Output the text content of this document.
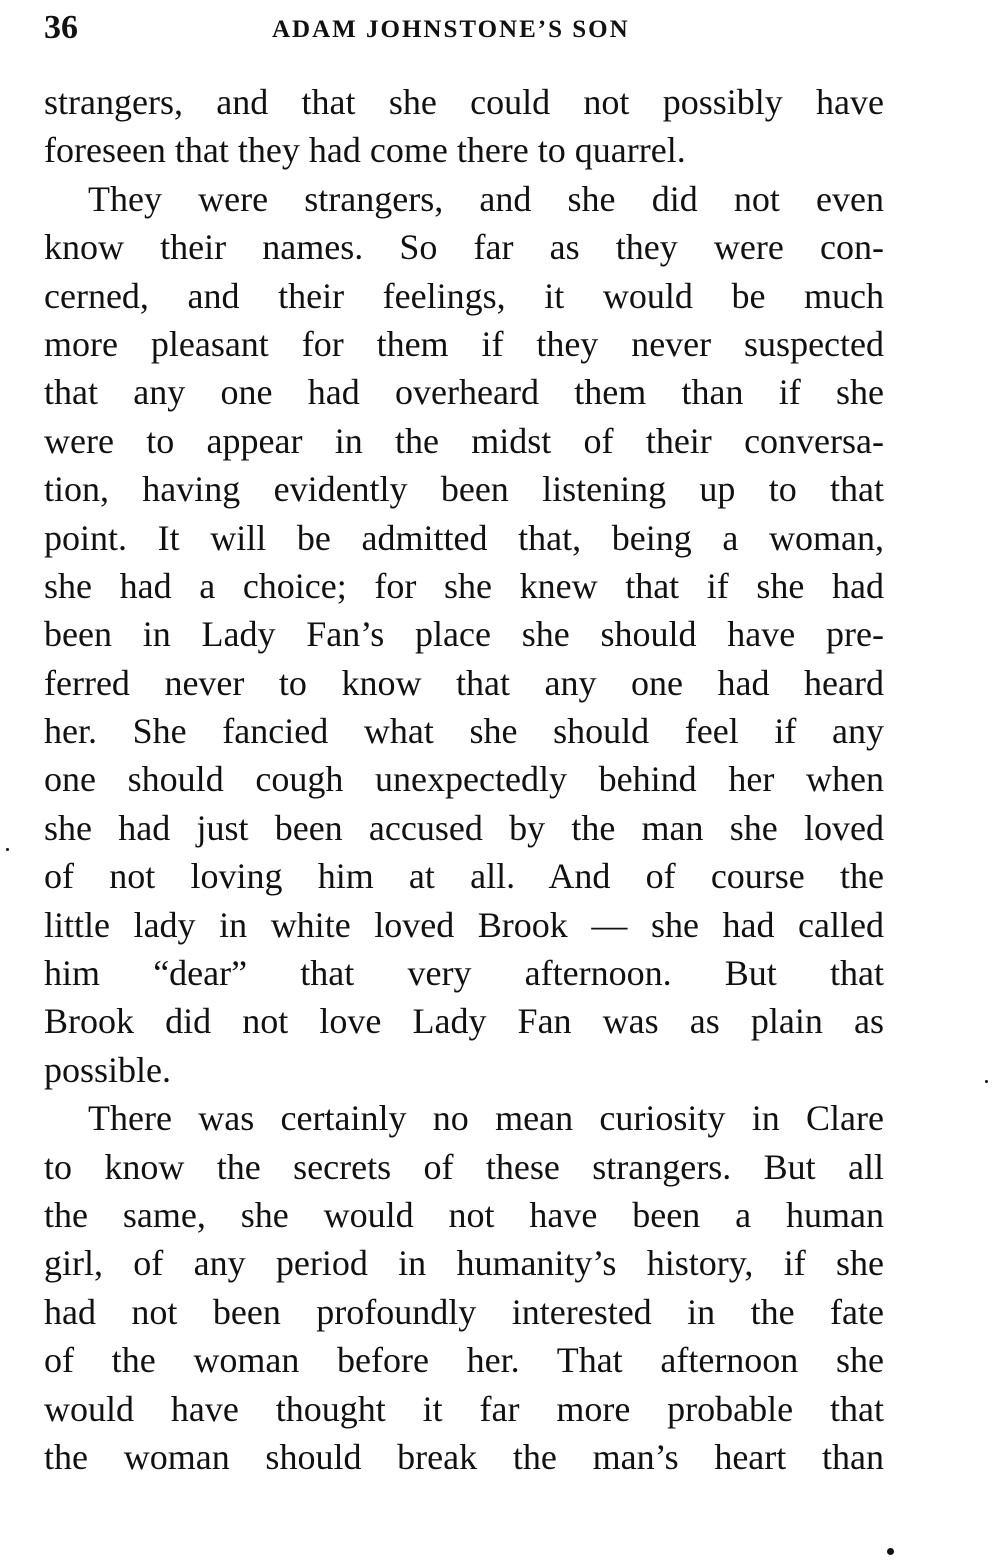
36	ADAM JOHNSTONE’S SON
strangers, and that she could not possibly have
foreseen that they had come there to quarrel.
They were strangers, and she did not even
know their names. So far as they were con-
cerned, and their feelings, it would be much
more pleasant for them if they never suspected
that any one had overheard them than if she
were to appear in the midst of their conversa-
tion, having evidently been listening up to that
point. It will be admitted that, being a woman,
she had a choice; for she knew that if she had
been in Lady Fan’s place she should have pre-
ferred never to know that any one had heard
her. She fancied what she should feel if any
one should cough unexpectedly behind her when
she had just been accused by the man she loved
of not loving him at all. And of course the
little lady in white loved Brook — she had called
him “dear” that very afternoon. But that
Brook did not love Lady Fan was as plain as
possible.
There was certainly no mean curiosity in Clare
to know the secrets of these strangers. But all
the same, she would not have been a human
girl, of any period in humanity’s history, if she
had not been profoundly interested in the fate
of the woman before her. That afternoon she
would have thought it far more probable that
the woman should break the man’s heart than
